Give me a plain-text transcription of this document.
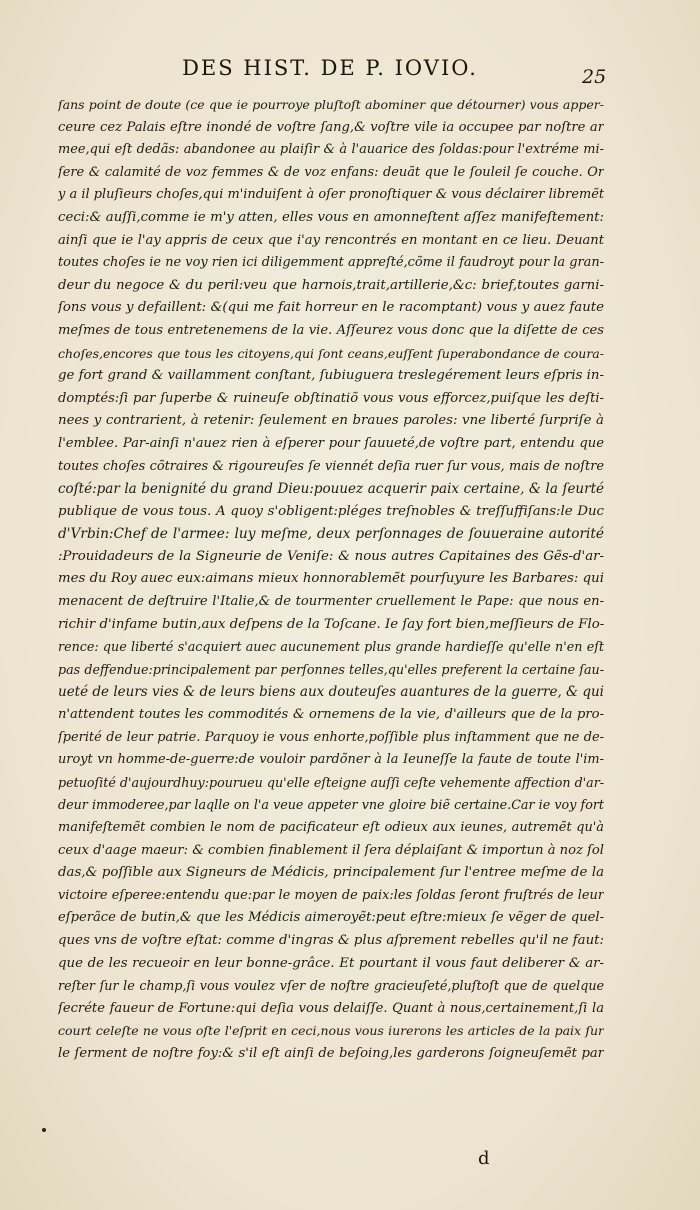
DES HIST. DE P. IOVIO.	25
ſans point de doute (ce que ie pourroye pluſtoſt abominer que détourner) vous apper-
ceure cez Palais eſtre inondé de voſtre ſang,& voſtre vile ia occupee par noſtre ar
mee,qui eſt dedãs: abandonee au plaiſir & à l'auarice des ſoldas:pour l'extréme mi-
ſere & calamité de voz femmes & de voz enfans: deuãt que le ſouleil ſe couche. Or
y a il pluſieurs choſes,qui m'induiſent à oſer pronoſtiquer & vous déclairer libremẽt
ceci:& auſſi,comme ie m'y atten, elles vous en amonneſtent aſſez manifeſtement:
ainſi que ie l'ay appris de ceux que i'ay rencontrés en montant en ce lieu. Deuant
toutes choſes ie ne voy rien ici diligemment appreſté,cõme il faudroyt pour la gran-
deur du negoce & du peril:veu que harnois,trait,artillerie,&c: brief,toutes garni-
ſons vous y defaillent: &(qui me fait horreur en le racomptant) vous y auez faute
meſmes de tous entretenemens de la vie. Aſſeurez vous donc que la diſette de ces
choſes,encores que tous les citoyens,qui ſont ceans,euſſent ſuperabondance de coura-
ge fort grand & vaillamment conſtant, ſubiuguera treslegérement leurs eſpris in-
domptés:ſi par ſuperbe & ruineuſe obſtinatiõ vous vous efforcez,puiſque les deſti-
nees y contrarient, à retenir: ſeulement en braues paroles: vne liberté ſurpriſe à
l'emblee. Par-ainſi n'auez rien à eſperer pour ſauueté,de voſtre part, entendu que
toutes choſes cõtraires & rigoureuſes ſe viennét deſia ruer ſur vous, mais de noſtre
coſté:par la benignité du grand Dieu:pouuez acquerir paix certaine, & la ſeurté
publique de vous tous. A quoy s'obligent:pléges treſnobles & treſſuffiſans:le Duc
d'Vrbin:Chef de l'armee: luy meſme, deux perſonnages de ſouueraine autorité
:Prouidadeurs de la Signeurie de Veniſe: & nous autres Capitaines des Gẽs-d'ar-
mes du Roy auec eux:aimans mieux honnorablemẽt pourſuyure les Barbares: qui
menacent de deſtruire l'Italie,& de tourmenter cruellement le Pape: que nous en-
richir d'infame butin,aux deſpens de la Toſcane. Ie ſay fort bien,meſſieurs de Flo-
rence: que liberté s'acquiert auec aucunement plus grande hardieſſe qu'elle n'en eſt
pas deffendue:principalement par perſonnes telles,qu'elles preferent la certaine ſau-
ueté de leurs vies & de leurs biens aux douteuſes auantures de la guerre, & qui
n'attendent toutes les commodités & ornemens de la vie, d'ailleurs que de la pro-
ſperité de leur patrie. Parquoy ie vous enhorte,poſſible plus inſtamment que ne de-
uroyt vn homme-de-guerre:de vouloir pardõner à la Ieuneſſe la faute de toute l'im-
petuoſité d'aujourdhuy:pourueu qu'elle eſteigne auſſi ceſte vehemente affection d'ar-
deur immoderee,par laqlle on l'a veue appeter vne gloire biẽ certaine.Car ie voy fort
manifeſtemẽt combien le nom de pacificateur eſt odieux aux ieunes, autremẽt qu'à
ceux d'aage maeur: & combien finablement il ſera déplaiſant & importun à noz ſol
das,& poſſible aux Signeurs de Médicis, principalement ſur l'entree meſme de la
victoire eſperee:entendu que:par le moyen de paix:les ſoldas ſeront fruſtrés de leur
eſperãce de butin,& que les Médicis aimeroyẽt:peut eſtre:mieux ſe vẽger de quel-
ques vns de voſtre eſtat: comme d'ingras & plus aſprement rebelles qu'il ne faut:
que de les recueoir en leur bonne-grâce. Et pourtant il vous faut deliberer & ar-
reſter ſur le champ,ſi vous voulez vſer de noſtre gracieuſeté,pluſtoſt que de quelque
ſecréte faueur de Fortune:qui deſia vous delaiſſe. Quant à nous,certainement,ſi la
court celeſte ne vous oſte l'eſprit en ceci,nous vous iurerons les articles de la paix ſur
le ſerment de noſtre foy:& s'il eſt ainſi de beſoing,les garderons ſoigneuſemẽt par
d
